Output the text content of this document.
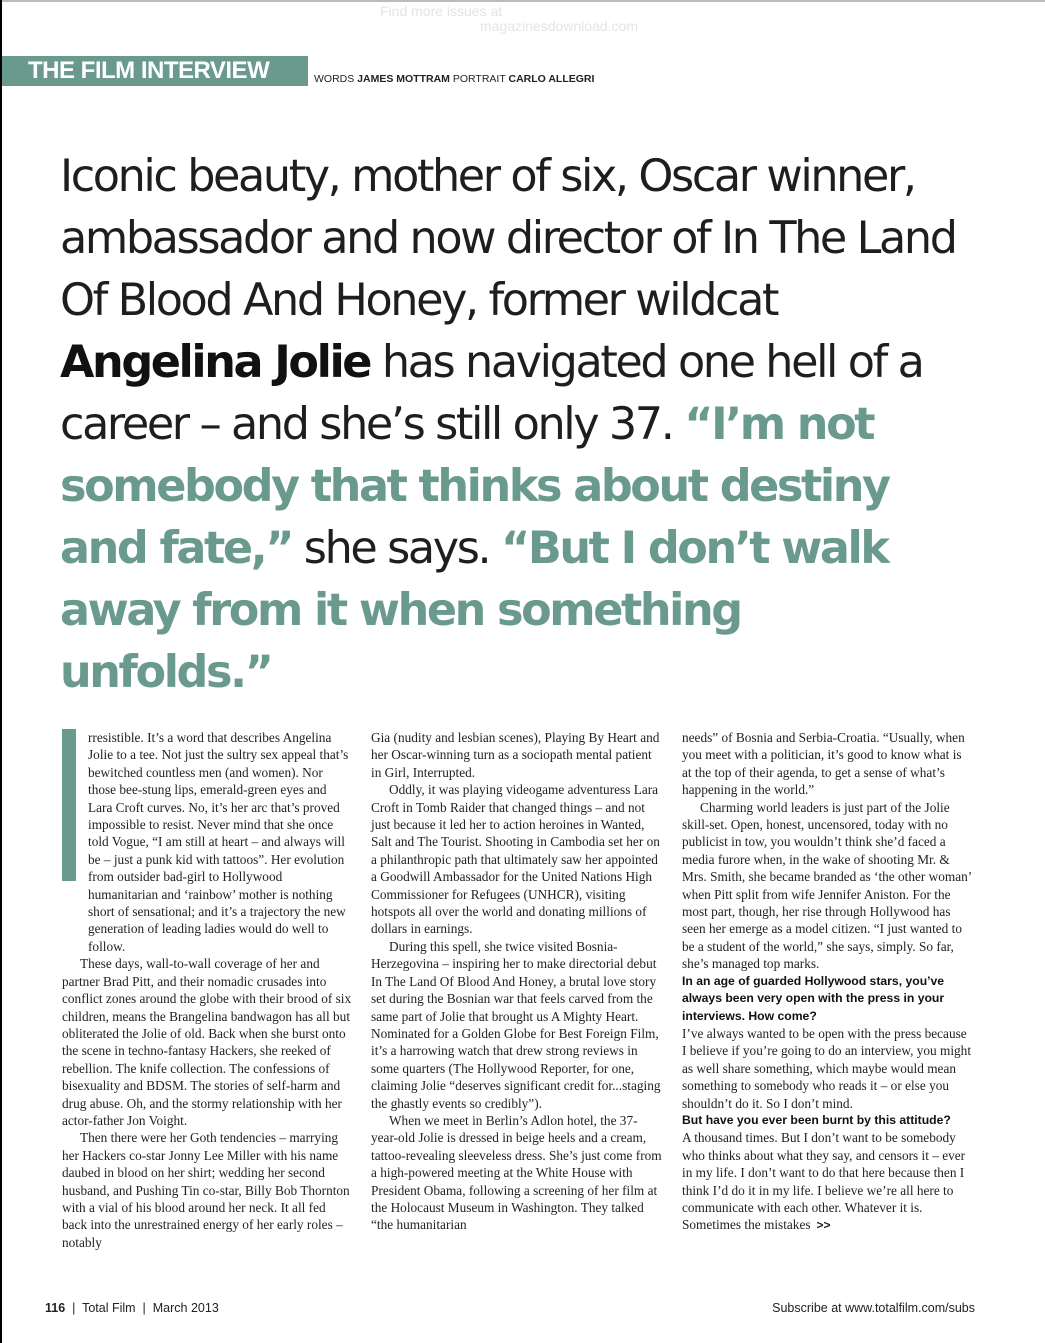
Find more issues at
magazinesdownload.com
THE FILM INTERVIEW	WORDS JAMES MOTTRAM PORTRAIT CARLO ALLEGRI
Iconic beauty, mother of six, Oscar winner, ambassador and now director of In The Land Of Blood And Honey, former wildcat Angelina Jolie has navigated one hell of a career – and she’s still only 37. “I’m not somebody that thinks about destiny and fate,” she says. “But I don’t walk away from it when something unfolds.”

rresistible. It’s a word that describes Angelina Jolie to a tee. Not just the sultry sex appeal that’s bewitched countless men (and women). Nor those bee-stung lips, emerald-green eyes and Lara Croft curves. No, it’s her arc that’s proved impossible to resist. Never mind that she once told Vogue, “I am still at heart – and always will be – just a punk kid with tattoos”. Her evolution from outsider bad-girl to Hollywood humanitarian and ‘rainbow’ mother is nothing short of sensational; and it’s a trajectory the new generation of leading ladies would do well to follow.

These days, wall-to-wall coverage of her and partner Brad Pitt, and their nomadic crusades into conflict zones around the globe with their brood of six children, means the Brangelina bandwagon has all but obliterated the Jolie of old. Back when she burst onto the scene in techno-fantasy Hackers, she reeked of rebellion. The knife collection. The confessions of bisexuality and BDSM. The stories of self-harm and drug abuse. Oh, and the stormy relationship with her actor-father Jon Voight.

Then there were her Goth tendencies – marrying her Hackers co-star Jonny Lee Miller with his name daubed in blood on her shirt; wedding her second husband, and Pushing Tin co-star, Billy Bob Thornton with a vial of his blood around her neck. It all fed back into the unrestrained energy of her early roles – notably

Gia (nudity and lesbian scenes), Playing By Heart and her Oscar-winning turn as a sociopath mental patient in Girl, Interrupted.

Oddly, it was playing videogame adventuress Lara Croft in Tomb Raider that changed things – and not just because it led her to action heroines in Wanted, Salt and The Tourist. Shooting in Cambodia set her on a philanthropic path that ultimately saw her appointed a Goodwill Ambassador for the United Nations High Commissioner for Refugees (UNHCR), visiting hotspots all over the world and donating millions of dollars in earnings.

During this spell, she twice visited Bosnia-Herzegovina – inspiring her to make directorial debut In The Land Of Blood And Honey, a brutal love story set during the Bosnian war that feels carved from the same part of Jolie that brought us A Mighty Heart. Nominated for a Golden Globe for Best Foreign Film, it’s a harrowing watch that drew strong reviews in some quarters (The Hollywood Reporter, for one, claiming Jolie “deserves significant credit for...staging the ghastly events so credibly”).

When we meet in Berlin’s Adlon hotel, the 37-year-old Jolie is dressed in beige heels and a cream, tattoo-revealing sleeveless dress. She’s just come from a high-powered meeting at the White House with President Obama, following a screening of her film at the Holocaust Museum in Washington. They talked “the humanitarian

needs” of Bosnia and Serbia-Croatia. “Usually, when you meet with a politician, it’s good to know what is at the top of their agenda, to get a sense of what’s happening in the world.”

Charming world leaders is just part of the Jolie skill-set. Open, honest, uncensored, today with no publicist in tow, you wouldn’t think she’d faced a media furore when, in the wake of shooting Mr. & Mrs. Smith, she became branded as ‘the other woman’ when Pitt split from wife Jennifer Aniston. For the most part, though, her rise through Hollywood has seen her emerge as a model citizen. “I just wanted to be a student of the world,” she says, simply. So far, she’s managed top marks.

In an age of guarded Hollywood stars, you’ve always been very open with the press in your interviews. How come?

I’ve always wanted to be open with the press because I believe if you’re going to do an interview, you might as well share something, which maybe would mean something to somebody who reads it – or else you shouldn’t do it. So I don’t mind.

But have you ever been burnt by this attitude?

A thousand times. But I don’t want to be somebody who thinks about what they say, and censors it – ever in my life. I don’t want to do that here because then I think I’d do it in my life. I believe we’re all here to communicate with each other. Whatever it is. Sometimes the mistakes >>

116  |  Total Film  |  March 2013	Subscribe at www.totalfilm.com/subs
